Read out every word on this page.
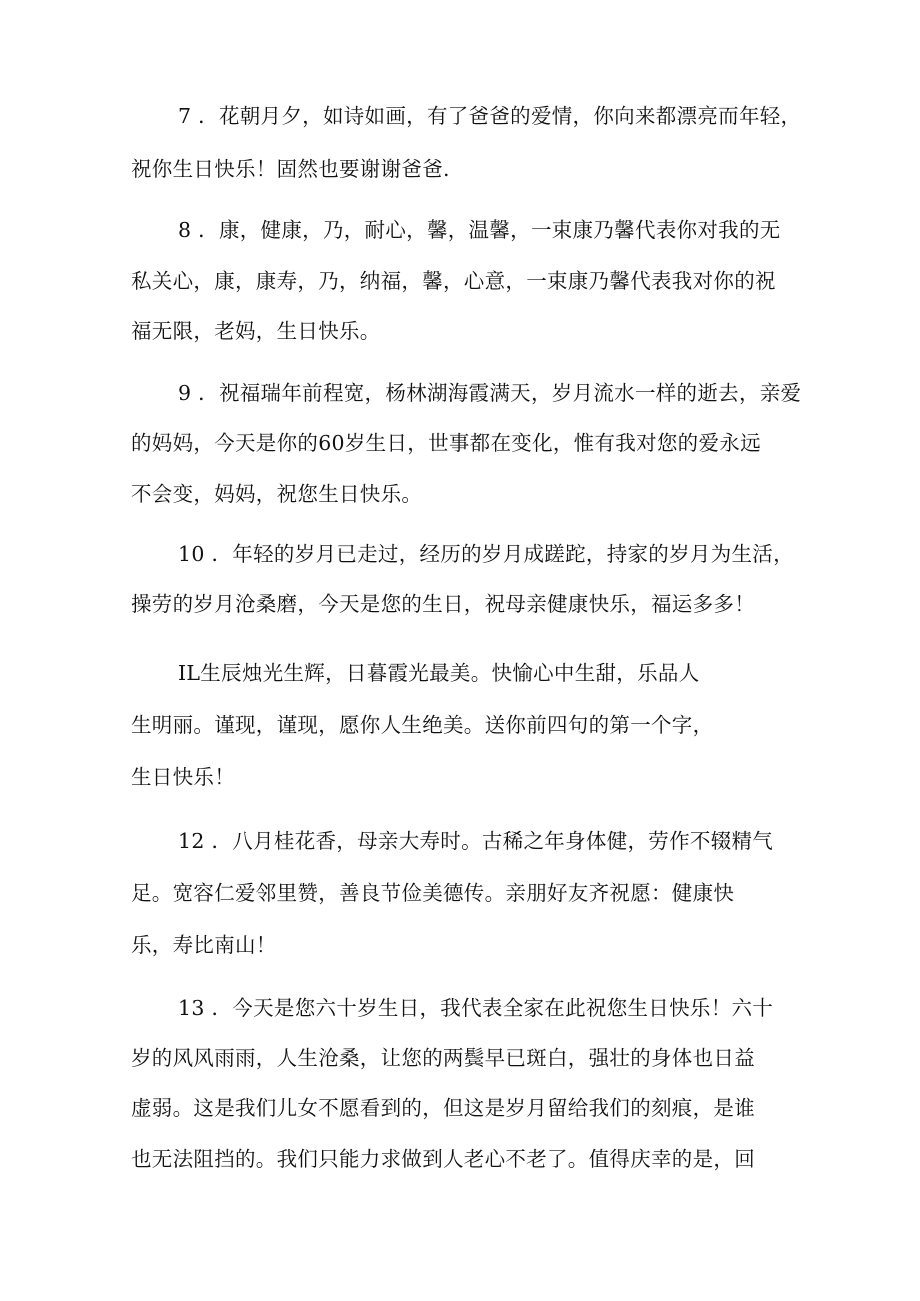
7 ．花朝月夕，如诗如画，有了爸爸的爱情，你向来都漂亮而年轻，
祝你生日快乐！固然也要谢谢爸爸.
8 ．康，健康，乃，耐心，馨，温馨，一束康乃馨代表你对我的无
私关心，康，康寿，乃，纳福，馨，心意，一束康乃馨代表我对你的祝
福无限，老妈，生日快乐。
9 ．祝福瑞年前程宽，杨林湖海霞满天，岁月流水一样的逝去，亲爱
的妈妈，今天是你的60岁生日，世事都在变化，惟有我对您的爱永远
不会变，妈妈，祝您生日快乐。
10 ．年轻的岁月已走过，经历的岁月成蹉跎，持家的岁月为生活，
操劳的岁月沧桑磨，今天是您的生日，祝母亲健康快乐，福运多多！
IL生辰烛光生辉，日暮霞光最美。快愉心中生甜，乐品人
生明丽。谨现，谨现，愿你人生绝美。送你前四句的第一个字，
生日快乐！
12 ．八月桂花香，母亲大寿时。古稀之年身体健，劳作不辍精气
足。宽容仁爱邻里赞，善良节俭美德传。亲朋好友齐祝愿：健康快
乐，寿比南山！
13 ．今天是您六十岁生日，我代表全家在此祝您生日快乐！六十
岁的风风雨雨，人生沧桑，让您的两鬓早已斑白，强壮的身体也日益
虚弱。这是我们儿女不愿看到的，但这是岁月留给我们的刻痕，是谁
也无法阻挡的。我们只能力求做到人老心不老了。值得庆幸的是，回
